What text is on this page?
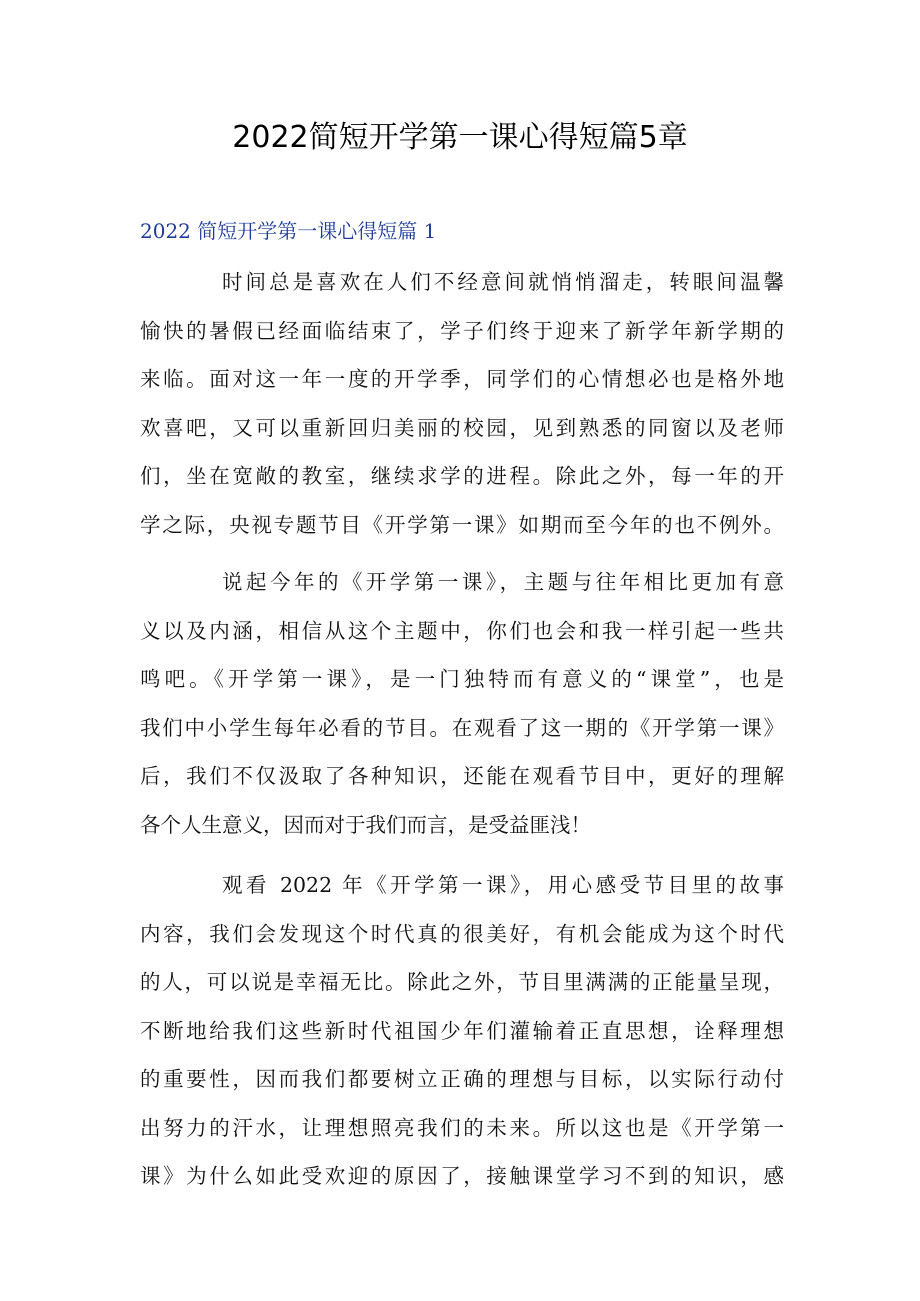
2022简短开学第一课心得短篇5章
2022 简短开学第一课心得短篇 1

时间总是喜欢在人们不经意间就悄悄溜走，转眼间温馨
愉快的暑假已经面临结束了，学子们终于迎来了新学年新学期的
来临。面对这一年一度的开学季，同学们的心情想必也是格外地
欢喜吧，又可以重新回归美丽的校园，见到熟悉的同窗以及老师
们，坐在宽敞的教室，继续求学的进程。除此之外，每一年的开
学之际，央视专题节目《开学第一课》如期而至今年的也不例外。

说起今年的《开学第一课》，主题与往年相比更加有意
义以及内涵，相信从这个主题中，你们也会和我一样引起一些共
鸣吧。《开学第一课》，是一门独特而有意义的“课堂”，也是
我们中小学生每年必看的节目。在观看了这一期的《开学第一课》
后，我们不仅汲取了各种知识，还能在观看节目中，更好的理解
各个人生意义，因而对于我们而言，是受益匪浅！

观看 2022 年《开学第一课》，用心感受节目里的故事
内容，我们会发现这个时代真的很美好，有机会能成为这个时代
的人，可以说是幸福无比。除此之外，节目里满满的正能量呈现，
不断地给我们这些新时代祖国少年们灌输着正直思想，诠释理想
的重要性，因而我们都要树立正确的理想与目标，以实际行动付
出努力的汗水，让理想照亮我们的未来。所以这也是《开学第一
课》为什么如此受欢迎的原因了，接触课堂学习不到的知识，感
